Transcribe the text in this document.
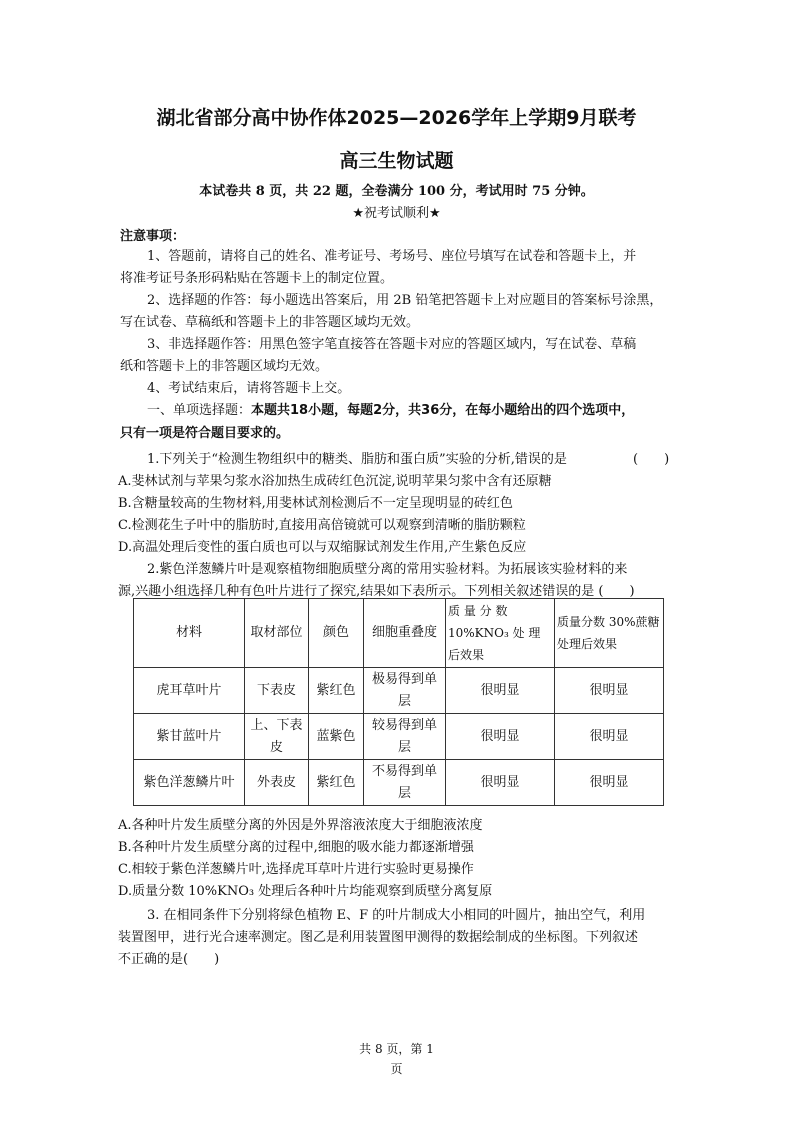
湖北省部分高中协作体2025—2026学年上学期9月联考
高三生物试题
本试卷共 8 页，共 22 题，全卷满分 100 分，考试用时 75 分钟。
★祝考试顺利★
注意事项：
1、答题前，请将自己的姓名、准考证号、考场号、座位号填写在试卷和答题卡上，并
将准考证号条形码粘贴在答题卡上的制定位置。
2、选择题的作答：每小题选出答案后，用 2B 铅笔把答题卡上对应题目的答案标号涂黑，
写在试卷、草稿纸和答题卡上的非答题区域均无效。
3、非选择题作答：用黑色签字笔直接答在答题卡对应的答题区域内，写在试卷、草稿
纸和答题卡上的非答题区域均无效。
4、考试结束后，请将答题卡上交。
一、单项选择题：本题共18小题，每题2分，共36分，在每小题给出的四个选项中，
只有一项是符合题目要求的。
1.下列关于“检测生物组织中的糖类、脂肪和蛋白质”实验的分析,错误的是	(　　)
A.斐林试剂与苹果匀浆水浴加热生成砖红色沉淀,说明苹果匀浆中含有还原糖
B.含糖量较高的生物材料,用斐林试剂检测后不一定呈现明显的砖红色
C.检测花生子叶中的脂肪时,直接用高倍镜就可以观察到清晰的脂肪颗粒
D.高温处理后变性的蛋白质也可以与双缩脲试剂发生作用,产生紫色反应
2.紫色洋葱鳞片叶是观察植物细胞质壁分离的常用实验材料。为拓展该实验材料的来
源,兴趣小组选择几种有色叶片进行了探究,结果如下表所示。下列相关叙述错误的是 (　　)
材料	取材部位	颜色	细胞重叠度	质 量 分 数 10%KNO₃ 处 理后效果	质量分数 30%蔗糖处理后效果
虎耳草叶片	下表皮	紫红色	极易得到单层	很明显	很明显
紫甘蓝叶片	上、下表皮	蓝紫色	较易得到单层	很明显	很明显
紫色洋葱鳞片叶	外表皮	紫红色	不易得到单层	很明显	很明显
A.各种叶片发生质壁分离的外因是外界溶液浓度大于细胞液浓度
B.各种叶片发生质壁分离的过程中,细胞的吸水能力都逐渐增强
C.相较于紫色洋葱鳞片叶,选择虎耳草叶片进行实验时更易操作
D.质量分数 10%KNO₃ 处理后各种叶片均能观察到质壁分离复原
3. 在相同条件下分别将绿色植物 E、F 的叶片制成大小相同的叶圆片，抽出空气，利用
装置图甲，进行光合速率测定。图乙是利用装置图甲测得的数据绘制成的坐标图。下列叙述
不正确的是(　　)
共 8 页，第 1
页
